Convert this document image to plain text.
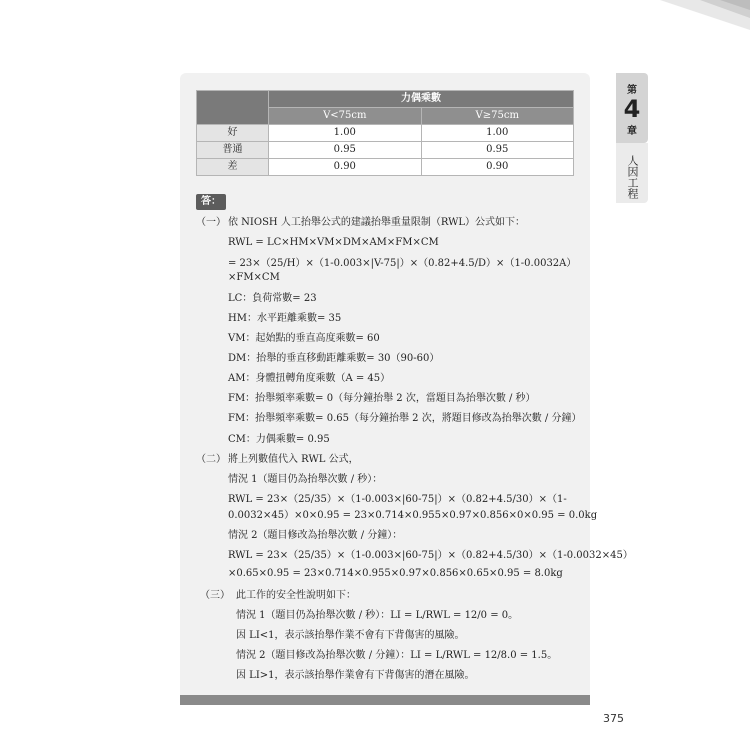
第
4
章
人因工程
	力偶乘數	
	V<75cm	V≥75cm
好	1.00	1.00
普通	0.95	0.95
差	0.90	0.90
答：
（一） 依 NIOSH 人工抬舉公式的建議抬舉重量限制（RWL）公式如下：
RWL = LC×HM×VM×DM×AM×FM×CM
= 23×（25/H）×（1-0.003×|V-75|）×（0.82+4.5/D）×（1-0.0032A）
×FM×CM
LC：負荷常數= 23
HM：水平距離乘數= 35
VM：起始點的垂直高度乘數= 60
DM：抬舉的垂直移動距離乘數= 30（90-60）
AM：身體扭轉角度乘數（A = 45）
FM：抬舉頻率乘數= 0（每分鐘抬舉 2 次，當題目為抬舉次數 / 秒）
FM：抬舉頻率乘數= 0.65（每分鐘抬舉 2 次，將題目修改為抬舉次數 / 分鐘）
CM：力偶乘數= 0.95
（二） 將上列數值代入 RWL 公式，
情況 1（題目仍為抬舉次數 / 秒）：
RWL = 23×（25/35）×（1-0.003×|60-75|）×（0.82+4.5/30）×（1-
0.0032×45）×0×0.95 = 23×0.714×0.955×0.97×0.856×0×0.95 = 0.0kg
情況 2（題目修改為抬舉次數 / 分鐘）：
RWL = 23×（25/35）×（1-0.003×|60-75|）×（0.82+4.5/30）×（1-0.0032×45）
×0.65×0.95 = 23×0.714×0.955×0.97×0.856×0.65×0.95 = 8.0kg
（三） 此工作的安全性說明如下：
情況 1（題目仍為抬舉次數 / 秒）：LI = L/RWL = 12/0 = 0。
因 LI<1，表示該抬舉作業不會有下背傷害的風險。
情況 2（題目修改為抬舉次數 / 分鐘）：LI = L/RWL = 12/8.0 = 1.5。
因 LI>1，表示該抬舉作業會有下背傷害的潛在風險。
375
